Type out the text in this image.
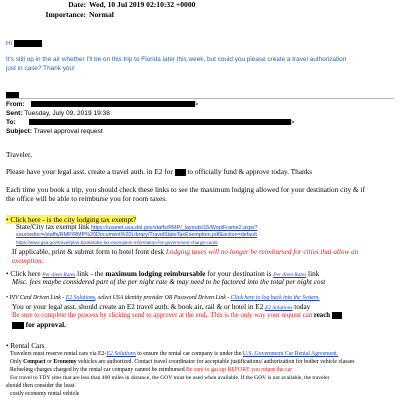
Date: Wed, 10 Jul 2019 02:10:32 +0000
Importance: Normal
Hi
It's still up in the air whether I'll be on this trip to Florida later this week, but could you please create a travel authorization
just in case? Thank you!
From:	>
Sent: Tuesday, July 09, 2019 19:38
To:	>
Subject: Travel approval request
Traveler,
Please have your legal asst. create a travel auth. in E2 for to officially fund & approve today. Thanks
Each time you book a trip, you should check these links to see the maximum lodging allowed for your destination city & if
the office will be able to reimburse you for room taxes.
• Click here - is the city lodging tax exempt?
State/City tax exempt link https://usanet.usa.doi.gov/staffs/RMP/_layouts/15/WopiFrame2.aspx?
sourcedoc=/staffs/RMP/RMP%20Document%20Library/TravelStateTaxExemption.pdf&action=default
https://www.gsa.gov/travel/plan-book/state-tax-exemption-information-for-government-charge-cards
If applicable, print & submit form to hotel front desk Lodging taxes will no longer be reimbursed for cities that allow an
exemption.
• Click here Per diem Rates link - the maximum lodging reimbursable for your destination is Per diem Rates link
Misc. fees maybe considered part of the per night rate & may need to be factored into the total per night cost
• PIV Card Driven Link - E2 Solutions, select USA identity provider OR Password Driven Link - Click here to log back into the System.
You or your legal asst. should create an E2 travel auth. & book air, rail & or hotel in E2 E2 Solutions today
Be sure to complete the process by clicking send to approver at the end,. This is the only way your request can reach
for approval.
• Rental Cars
Travelers must reserve rental cars via E2-E2 Solutions to ensure the rental car company is under the U.S. Government Car Rental Agreement.
Only Compact or Economy vehicles are authorized. Contact travel coordinator for acceptable justifications/ authorization for bother vehicle classes
Refueling charges charged by the rental car company cannot be reimbursed Be sure to gas up BEFORE you return the car
For travel to TDY sites that are less than 400 miles in distance, the GOV must be used when available. If the GOV is not available, the traveler
should then consider the least
costly economy rental vehicle
